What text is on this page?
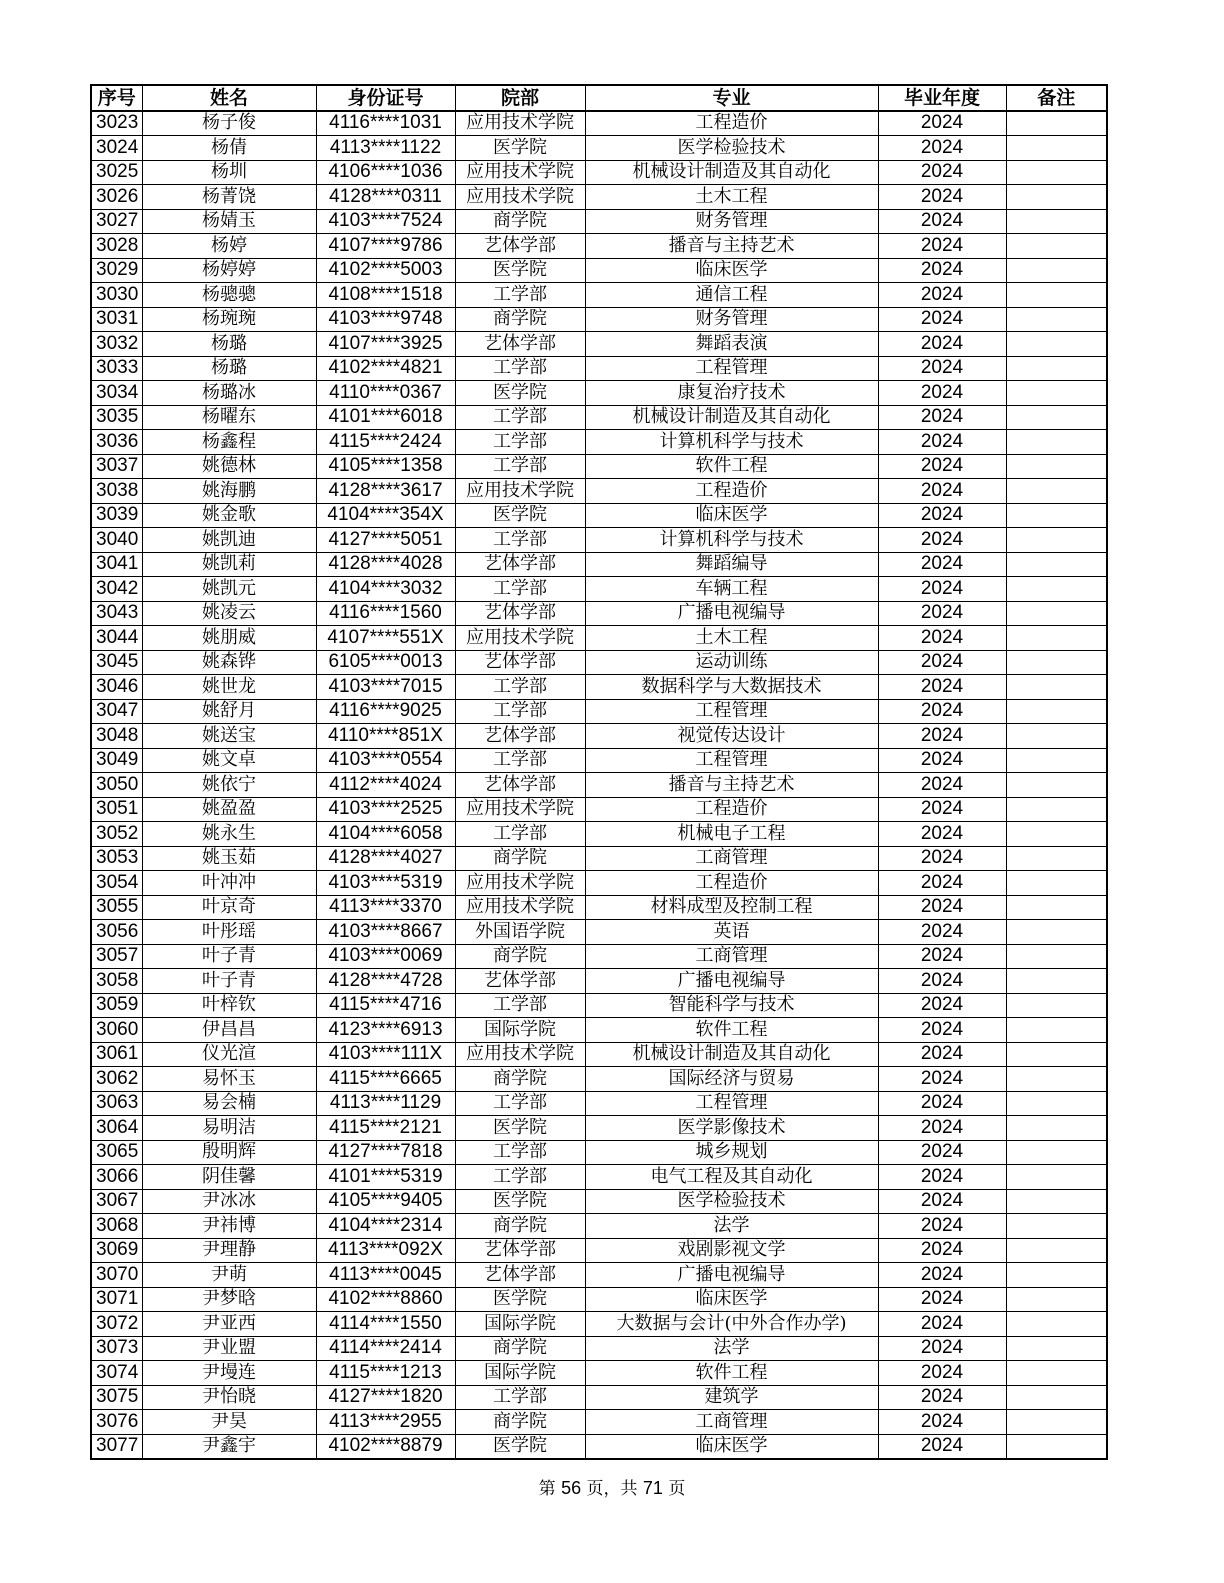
序号	姓名	身份证号	院部	专业	毕业年度	备注
3023	杨子俊	4116****1031	应用技术学院	工程造价	2024	
3024	杨倩	4113****1122	医学院	医学检验技术	2024	
3025	杨圳	4106****1036	应用技术学院	机械设计制造及其自动化	2024	
3026	杨菁饶	4128****0311	应用技术学院	土木工程	2024	
3027	杨婧玉	4103****7524	商学院	财务管理	2024	
3028	杨婷	4107****9786	艺体学部	播音与主持艺术	2024	
3029	杨婷婷	4102****5003	医学院	临床医学	2024	
3030	杨骢骢	4108****1518	工学部	通信工程	2024	
3031	杨琬琬	4103****9748	商学院	财务管理	2024	
3032	杨璐	4107****3925	艺体学部	舞蹈表演	2024	
3033	杨璐	4102****4821	工学部	工程管理	2024	
3034	杨璐冰	4110****0367	医学院	康复治疗技术	2024	
3035	杨曜东	4101****6018	工学部	机械设计制造及其自动化	2024	
3036	杨鑫程	4115****2424	工学部	计算机科学与技术	2024	
3037	姚德林	4105****1358	工学部	软件工程	2024	
3038	姚海鹏	4128****3617	应用技术学院	工程造价	2024	
3039	姚金歌	4104****354X	医学院	临床医学	2024	
3040	姚凯迪	4127****5051	工学部	计算机科学与技术	2024	
3041	姚凯莉	4128****4028	艺体学部	舞蹈编导	2024	
3042	姚凯元	4104****3032	工学部	车辆工程	2024	
3043	姚凌云	4116****1560	艺体学部	广播电视编导	2024	
3044	姚朋威	4107****551X	应用技术学院	土木工程	2024	
3045	姚森铧	6105****0013	艺体学部	运动训练	2024	
3046	姚世龙	4103****7015	工学部	数据科学与大数据技术	2024	
3047	姚舒月	4116****9025	工学部	工程管理	2024	
3048	姚送宝	4110****851X	艺体学部	视觉传达设计	2024	
3049	姚文卓	4103****0554	工学部	工程管理	2024	
3050	姚依宁	4112****4024	艺体学部	播音与主持艺术	2024	
3051	姚盈盈	4103****2525	应用技术学院	工程造价	2024	
3052	姚永生	4104****6058	工学部	机械电子工程	2024	
3053	姚玉茹	4128****4027	商学院	工商管理	2024	
3054	叶冲冲	4103****5319	应用技术学院	工程造价	2024	
3055	叶京奇	4113****3370	应用技术学院	材料成型及控制工程	2024	
3056	叶彤瑶	4103****8667	外国语学院	英语	2024	
3057	叶子青	4103****0069	商学院	工商管理	2024	
3058	叶子青	4128****4728	艺体学部	广播电视编导	2024	
3059	叶梓钦	4115****4716	工学部	智能科学与技术	2024	
3060	伊昌昌	4123****6913	国际学院	软件工程	2024	
3061	仪光渲	4103****111X	应用技术学院	机械设计制造及其自动化	2024	
3062	易怀玉	4115****6665	商学院	国际经济与贸易	2024	
3063	易会楠	4113****1129	工学部	工程管理	2024	
3064	易明洁	4115****2121	医学院	医学影像技术	2024	
3065	殷明辉	4127****7818	工学部	城乡规划	2024	
3066	阴佳馨	4101****5319	工学部	电气工程及其自动化	2024	
3067	尹冰冰	4105****9405	医学院	医学检验技术	2024	
3068	尹祎博	4104****2314	商学院	法学	2024	
3069	尹理静	4113****092X	艺体学部	戏剧影视文学	2024	
3070	尹萌	4113****0045	艺体学部	广播电视编导	2024	
3071	尹梦晗	4102****8860	医学院	临床医学	2024	
3072	尹亚西	4114****1550	国际学院	大数据与会计(中外合作办学)	2024	
3073	尹业盟	4114****2414	商学院	法学	2024	
3074	尹墁连	4115****1213	国际学院	软件工程	2024	
3075	尹怡晓	4127****1820	工学部	建筑学	2024	
3076	尹昊	4113****2955	商学院	工商管理	2024	
3077	尹鑫宇	4102****8879	医学院	临床医学	2024	
第 56 页，共 71 页
